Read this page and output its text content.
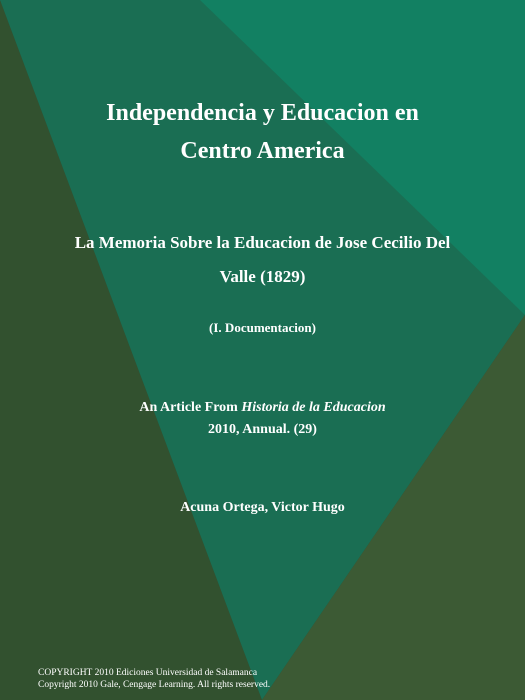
Independencia y Educacion en
Centro America
La Memoria Sobre la Educacion de Jose Cecilio Del
Valle (1829)
(I. Documentacion)
An Article From Historia de la Educacion
2010, Annual. (29)
Acuna Ortega, Victor Hugo
COPYRIGHT 2010 Ediciones Universidad de Salamanca
Copyright 2010 Gale, Cengage Learning. All rights reserved.
